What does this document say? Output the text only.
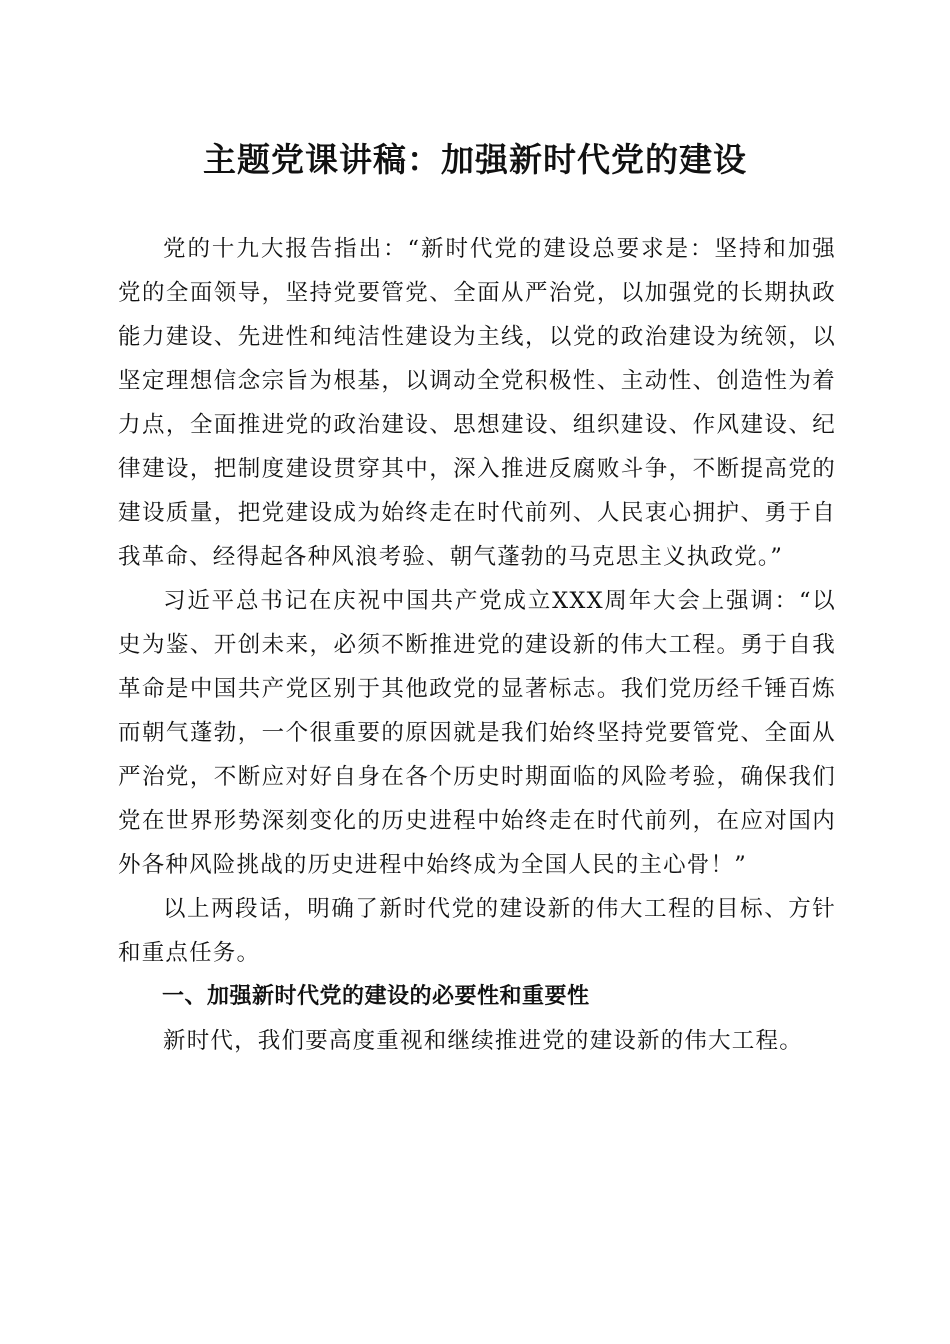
主题党课讲稿：加强新时代党的建设

党的十九大报告指出：“新时代党的建设总要求是：坚持和加强党的全面领导，坚持党要管党、全面从严治党，以加强党的长期执政能力建设、先进性和纯洁性建设为主线，以党的政治建设为统领，以坚定理想信念宗旨为根基，以调动全党积极性、主动性、创造性为着力点，全面推进党的政治建设、思想建设、组织建设、作风建设、纪律建设，把制度建设贯穿其中，深入推进反腐败斗争，不断提高党的建设质量，把党建设成为始终走在时代前列、人民衷心拥护、勇于自我革命、经得起各种风浪考验、朝气蓬勃的马克思主义执政党。”

习近平总书记在庆祝中国共产党成立XXX周年大会上强调：“以史为鉴、开创未来，必须不断推进党的建设新的伟大工程。勇于自我革命是中国共产党区别于其他政党的显著标志。我们党历经千锤百炼而朝气蓬勃，一个很重要的原因就是我们始终坚持党要管党、全面从严治党，不断应对好自身在各个历史时期面临的风险考验，确保我们党在世界形势深刻变化的历史进程中始终走在时代前列，在应对国内外各种风险挑战的历史进程中始终成为全国人民的主心骨！”

以上两段话，明确了新时代党的建设新的伟大工程的目标、方针和重点任务。

一、加强新时代党的建设的必要性和重要性

新时代，我们要高度重视和继续推进党的建设新的伟大工程。
